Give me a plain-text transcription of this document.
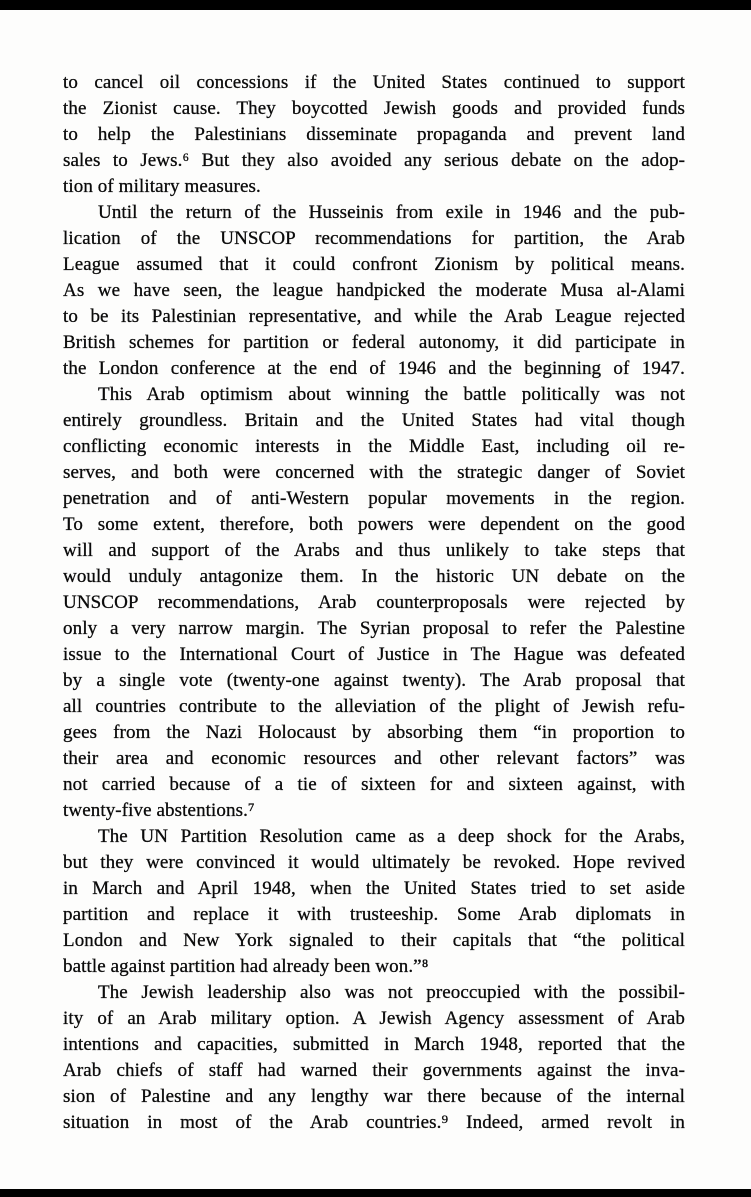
to cancel oil concessions if the United States continued to support
the Zionist cause. They boycotted Jewish goods and provided funds
to help the Palestinians disseminate propaganda and prevent land
sales to Jews.⁶ But they also avoided any serious debate on the adop-
tion of military measures.
Until the return of the Husseinis from exile in 1946 and the pub-
lication of the UNSCOP recommendations for partition, the Arab
League assumed that it could confront Zionism by political means.
As we have seen, the league handpicked the moderate Musa al-Alami
to be its Palestinian representative, and while the Arab League rejected
British schemes for partition or federal autonomy, it did participate in
the London conference at the end of 1946 and the beginning of 1947.
This Arab optimism about winning the battle politically was not
entirely groundless. Britain and the United States had vital though
conflicting economic interests in the Middle East, including oil re-
serves, and both were concerned with the strategic danger of Soviet
penetration and of anti-Western popular movements in the region.
To some extent, therefore, both powers were dependent on the good
will and support of the Arabs and thus unlikely to take steps that
would unduly antagonize them. In the historic UN debate on the
UNSCOP recommendations, Arab counterproposals were rejected by
only a very narrow margin. The Syrian proposal to refer the Palestine
issue to the International Court of Justice in The Hague was defeated
by a single vote (twenty-one against twenty). The Arab proposal that
all countries contribute to the alleviation of the plight of Jewish refu-
gees from the Nazi Holocaust by absorbing them “in proportion to
their area and economic resources and other relevant factors” was
not carried because of a tie of sixteen for and sixteen against, with
twenty-five abstentions.⁷
The UN Partition Resolution came as a deep shock for the Arabs,
but they were convinced it would ultimately be revoked. Hope revived
in March and April 1948, when the United States tried to set aside
partition and replace it with trusteeship. Some Arab diplomats in
London and New York signaled to their capitals that “the political
battle against partition had already been won.”⁸
The Jewish leadership also was not preoccupied with the possibil-
ity of an Arab military option. A Jewish Agency assessment of Arab
intentions and capacities, submitted in March 1948, reported that the
Arab chiefs of staff had warned their governments against the inva-
sion of Palestine and any lengthy war there because of the internal
situation in most of the Arab countries.⁹ Indeed, armed revolt in
